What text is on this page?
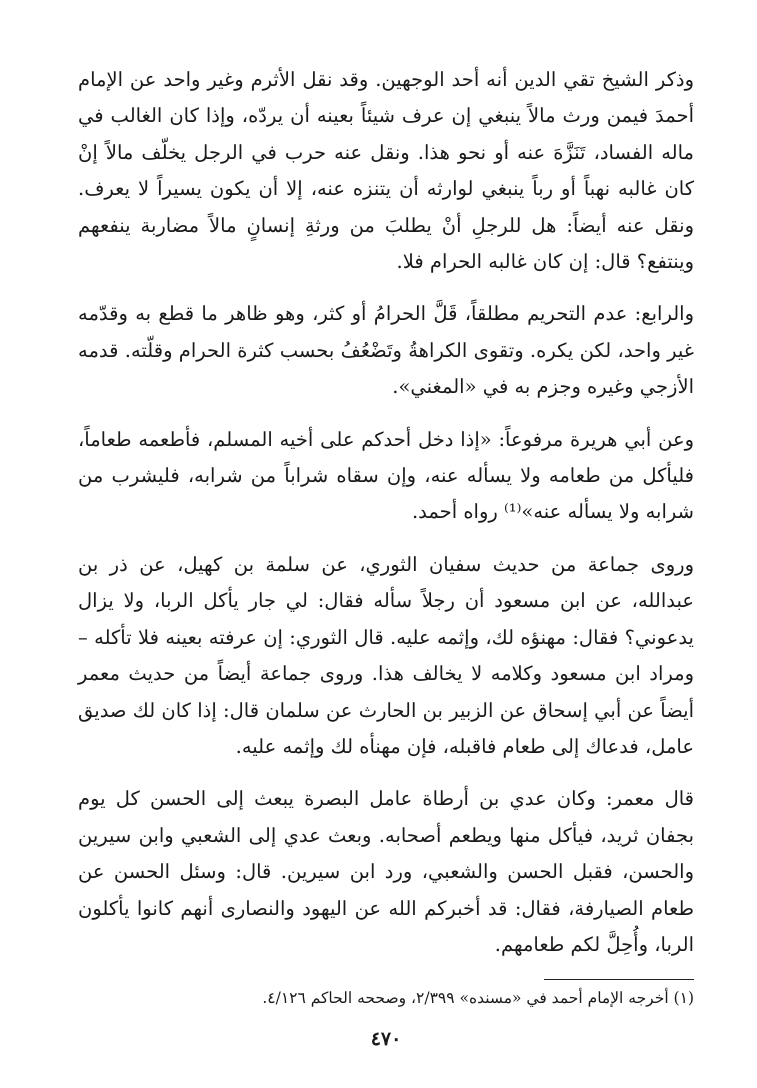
وذكر الشيخ تقي الدين أنه أحد الوجهين. وقد نقل الأثرم وغير واحد عن الإمام أحمدَ فيمن ورث مالاً ينبغي إن عرف شيئاً بعينه أن يردّه، وإذا كان الغالب في ماله الفساد، تَنَزَّهَ عنه أو نحو هذا. ونقل عنه حرب في الرجل يخلّف مالاً إنْ كان غالبه نهباً أو رباً ينبغي لوارثه أن يتنزه عنه، إلا أن يكون يسيراً لا يعرف. ونقل عنه أيضاً: هل للرجلِ أنْ يطلبَ من ورثةِ إنسانٍ مالاً مضاربة ينفعهم وينتفع؟ قال: إن كان غالبه الحرام فلا.

والرابع: عدم التحريم مطلقاً، قَلَّ الحرامُ أو كثر، وهو ظاهر ما قطع به وقدّمه غير واحد، لكن يكره. وتقوى الكراهةُ وتَضْعُفُ بحسب كثرة الحرام وقلّته. قدمه الأزجي وغيره وجزم به في «المغني».

وعن أبي هريرة مرفوعاً: «إذا دخل أحدكم على أخيه المسلم، فأطعمه طعاماً، فليأكل من طعامه ولا يسأله عنه، وإن سقاه شراباً من شرابه، فليشرب من شرابه ولا يسأله عنه»⁽¹⁾ رواه أحمد.

وروى جماعة من حديث سفيان الثوري، عن سلمة بن كهيل، عن ذر بن عبدالله، عن ابن مسعود أن رجلاً سأله فقال: لي جار يأكل الربا، ولا يزال يدعوني؟ فقال: مهنؤه لك، وإثمه عليه. قال الثوري: إن عرفته بعينه فلا تأكله – ومراد ابن مسعود وكلامه لا يخالف هذا. وروى جماعة أيضاً من حديث معمر أيضاً عن أبي إسحاق عن الزبير بن الحارث عن سلمان قال: إذا كان لك صديق عامل، فدعاك إلى طعام فاقبله، فإن مهنأه لك وإثمه عليه.

قال معمر: وكان عدي بن أرطاة عامل البصرة يبعث إلى الحسن كل يوم بجفان ثريد، فيأكل منها ويطعم أصحابه. وبعث عدي إلى الشعبي وابن سيرين والحسن، فقبل الحسن والشعبي، ورد ابن سيرين. قال: وسئل الحسن عن طعام الصيارفة، فقال: قد أخبركم الله عن اليهود والنصارى أنهم كانوا يأكلون الربا، وأُحِلَّ لكم طعامهم.

(١) أخرجه الإمام أحمد في «مسنده» ٢/٣٩٩، وصححه الحاكم ٤/١٢٦.
٤٧٠
